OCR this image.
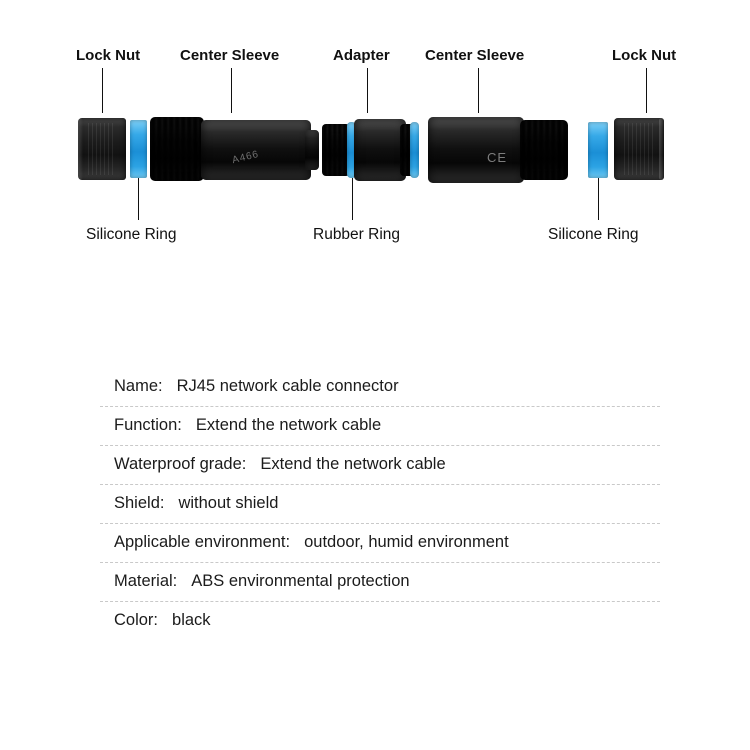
A466	CE
Lock Nut	Center Sleeve	Adapter Center Sleeve	Lock Nut
Silicone Ring	Rubber Ring	Silicone Ring
Name: RJ45 network cable connector
Function: Extend the network cable
Waterproof grade: Extend the network cable
Shield: without shield
Applicable environment: outdoor, humid environment
Material: ABS environmental protection
Color: black
